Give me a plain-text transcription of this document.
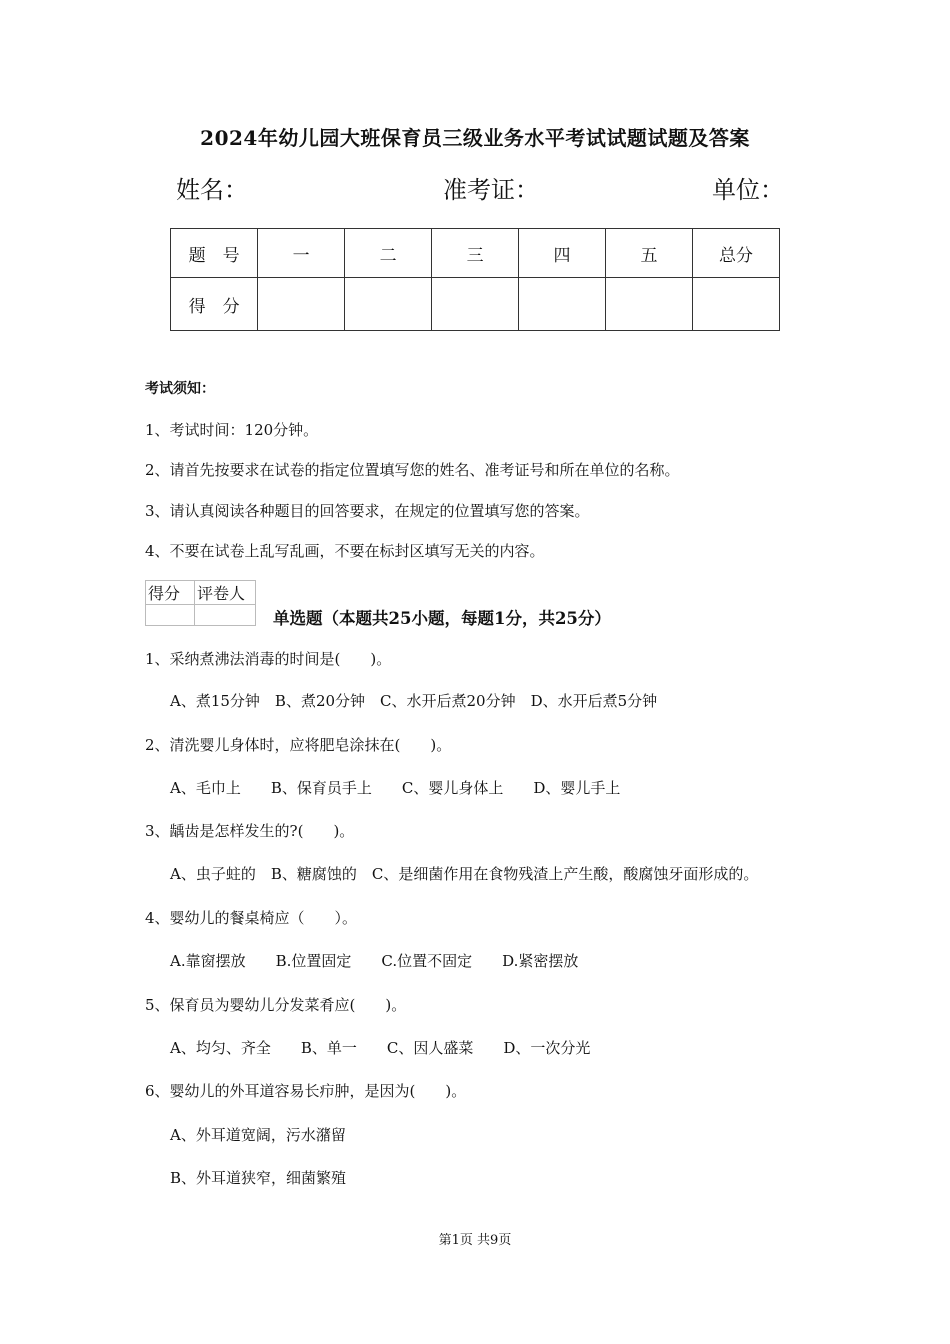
2024年幼儿园大班保育员三级业务水平考试试题试题及答案
姓名：	准考证：	单位：
题　号	一	二	三	四	五	总分
得　分						
考试须知：
1、考试时间：120分钟。
2、请首先按要求在试卷的指定位置填写您的姓名、准考证号和所在单位的名称。
3、请认真阅读各种题目的回答要求，在规定的位置填写您的答案。
4、不要在试卷上乱写乱画，不要在标封区填写无关的内容。
得分	评卷人

单选题（本题共25小题，每题1分，共25分）
1、采纳煮沸法消毒的时间是(　　)。
A、煮15分钟　B、煮20分钟　C、水开后煮20分钟　D、水开后煮5分钟
2、清洗婴儿身体时，应将肥皂涂抹在(　　)。
A、毛巾上　　B、保育员手上　　C、婴儿身体上　　D、婴儿手上
3、龋齿是怎样发生的?(　　)。
A、虫子蛀的　B、糖腐蚀的　C、是细菌作用在食物残渣上产生酸，酸腐蚀牙面形成的。
4、婴幼儿的餐桌椅应（　　）。
A.靠窗摆放　　B.位置固定　　C.位置不固定　　D.紧密摆放
5、保育员为婴幼儿分发菜肴应(　　)。
A、均匀、齐全　　B、单一　　C、因人盛菜　　D、一次分光
6、婴幼儿的外耳道容易长疖肿，是因为(　　)。
A、外耳道宽阔，污水潴留
B、外耳道狭窄，细菌繁殖
第1页 共9页
